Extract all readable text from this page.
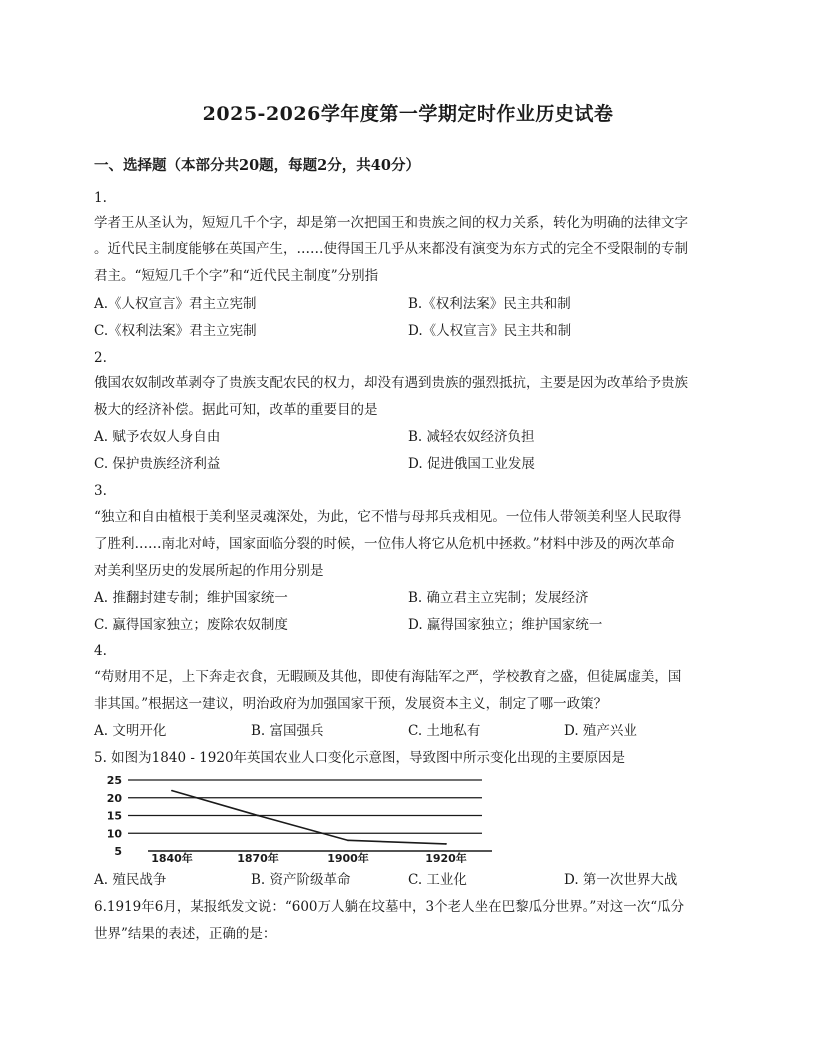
2025-2026学年度第一学期定时作业历史试卷
一、选择题（本部分共20题，每题2分，共40分）
1.
学者王从圣认为，短短几千个字，却是第一次把国王和贵族之间的权力关系，转化为明确的法律文字
。近代民主制度能够在英国产生，……使得国王几乎从来都没有演变为东方式的完全不受限制的专制
君主。“短短几千个字”和“近代民主制度”分别指
A.《人权宣言》君主立宪制	B.《权利法案》民主共和制
C.《权利法案》君主立宪制	D.《人权宣言》民主共和制
2.
俄国农奴制改革剥夺了贵族支配农民的权力，却没有遇到贵族的强烈抵抗，主要是因为改革给予贵族
极大的经济补偿。据此可知，改革的重要目的是
A. 赋予农奴人身自由	B. 减轻农奴经济负担
C. 保护贵族经济利益	D. 促进俄国工业发展
3.
“独立和自由植根于美利坚灵魂深处，为此，它不惜与母邦兵戎相见。一位伟人带领美利坚人民取得
了胜利……南北对峙，国家面临分裂的时候，一位伟人将它从危机中拯救。”材料中涉及的两次革命
对美利坚历史的发展所起的作用分别是
A. 推翻封建专制；维护国家统一	B. 确立君主立宪制；发展经济
C. 赢得国家独立；废除农奴制度	D. 赢得国家独立；维护国家统一
4.
“苟财用不足，上下奔走衣食，无暇顾及其他，即使有海陆军之严，学校教育之盛，但徒属虚美，国
非其国。”根据这一建议，明治政府为加强国家干预，发展资本主义，制定了哪一政策？
A. 文明开化	B. 富国强兵	C. 土地私有	D. 殖产兴业
5. 如图为1840 - 1920年英国农业人口变化示意图，导致图中所示变化出现的主要原因是
25
20
15
10
5
1840年	1870年	1900年	1920年
A. 殖民战争	B. 资产阶级革命	C. 工业化	D. 第一次世界大战
6.1919年6月，某报纸发文说：“600万人躺在坟墓中，3个老人坐在巴黎瓜分世界。”对这一次“瓜分
世界”结果的表述，正确的是：
